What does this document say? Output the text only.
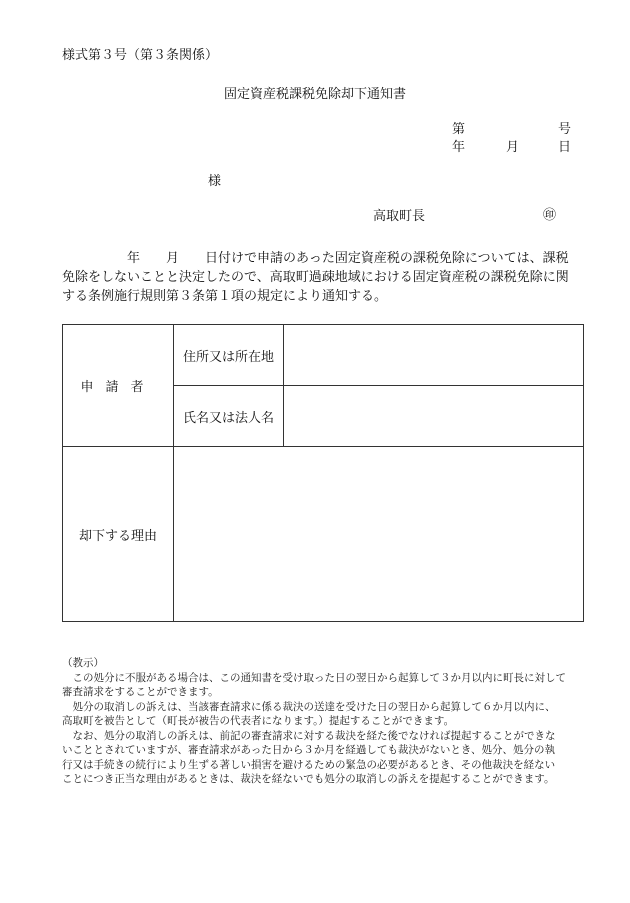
様式第３号（第３条関係）
固定資産税課税免除却下通知書
第	号
年	月	日
様
高取町長	㊞
　　　　　年　　月　　日付けで申請のあった固定資産税の課税免除については、課税
免除をしないことと決定したので、高取町過疎地域における固定資産税の課税免除に関
する条例施行規則第３条第１項の規定により通知する。
申請者	住所又は所在地	
	氏名又は法人名	
却下する理由		
（教示）
　この処分に不服がある場合は、この通知書を受け取った日の翌日から起算して３か月以内に町長に対して
審査請求をすることができます。
　処分の取消しの訴えは、当該審査請求に係る裁決の送達を受けた日の翌日から起算して６か月以内に、
高取町を被告として（町長が被告の代表者になります。）提起することができます。
　なお、処分の取消しの訴えは、前記の審査請求に対する裁決を経た後でなければ提起することができな
いこととされていますが、審査請求があった日から３か月を経過しても裁決がないとき、処分、処分の執
行又は手続きの続行により生ずる著しい損害を避けるための緊急の必要があるとき、その他裁決を経ない
ことにつき正当な理由があるときは、裁決を経ないでも処分の取消しの訴えを提起することができます。
